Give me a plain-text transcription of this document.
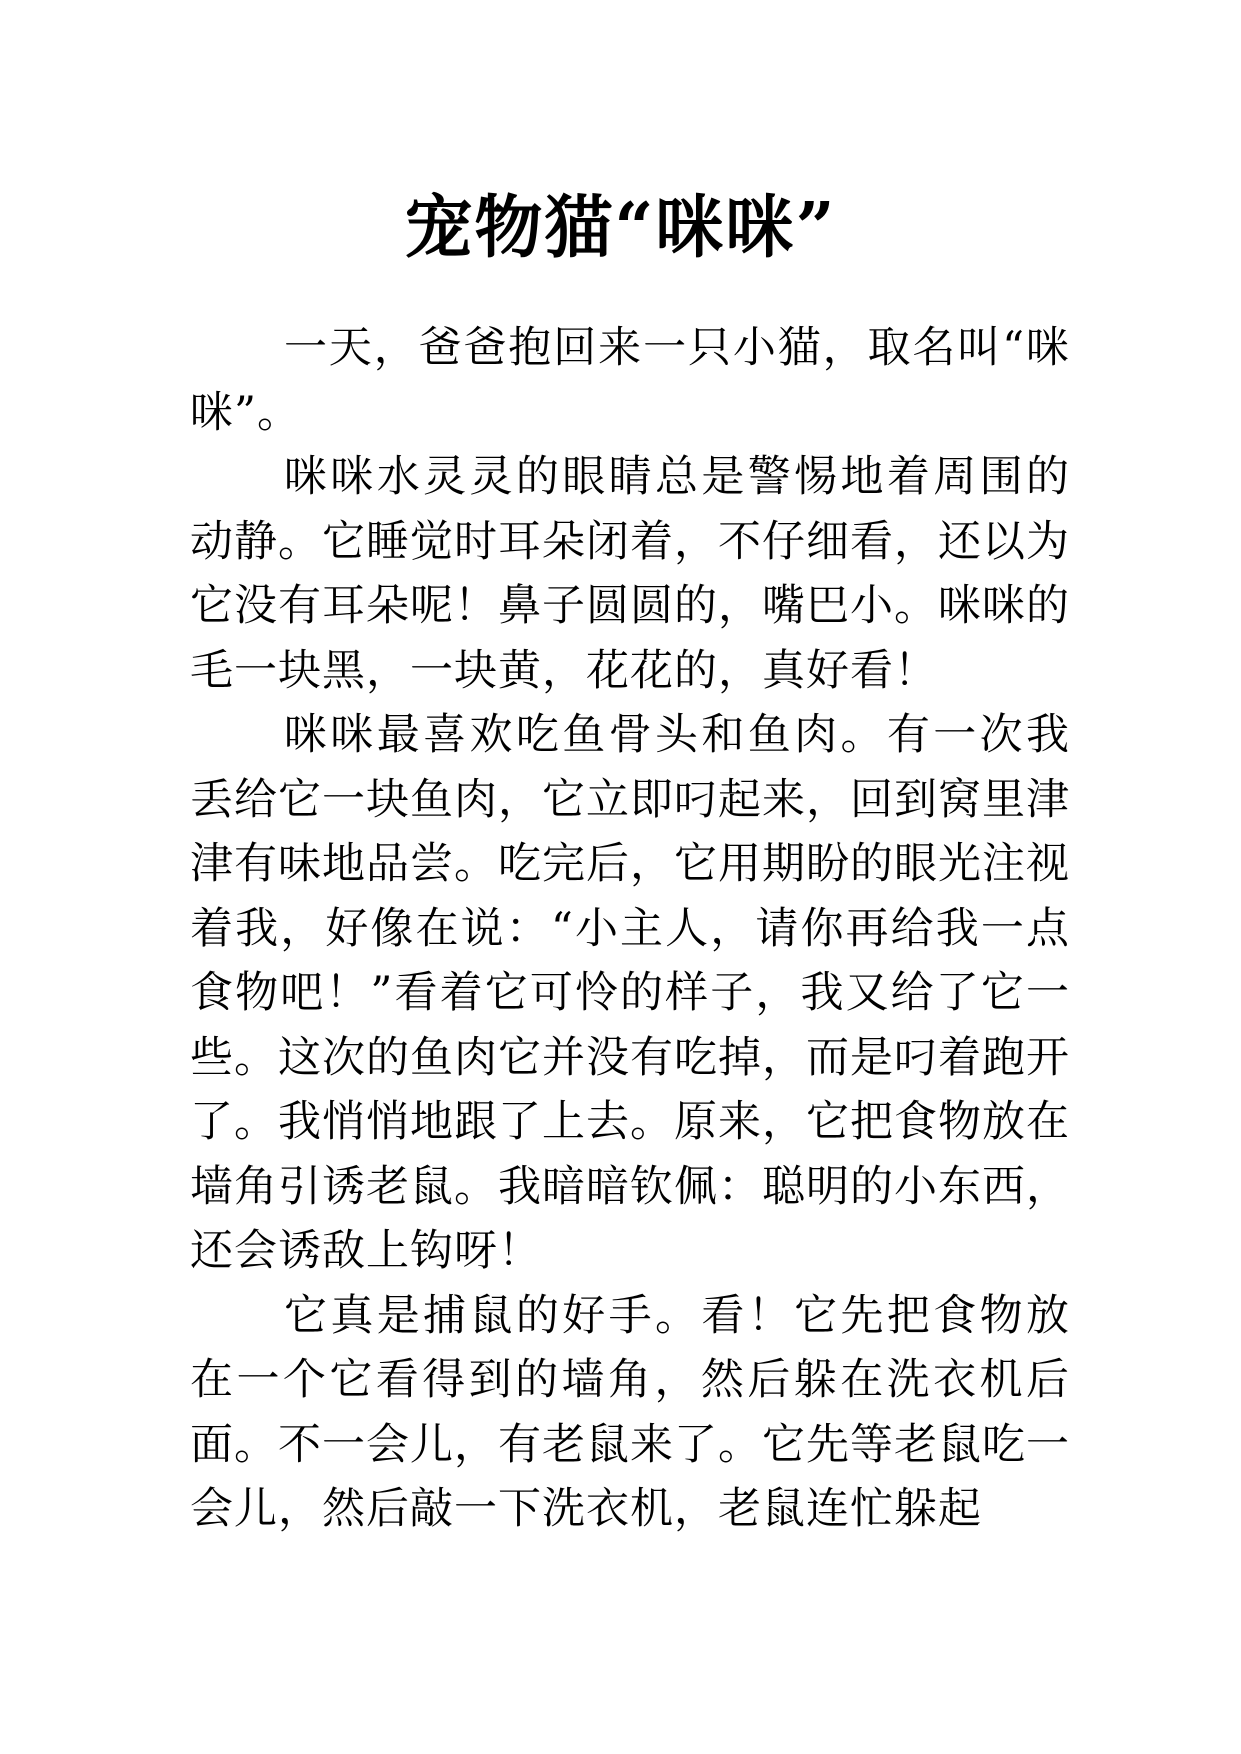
宠物猫“咪咪”

一天，爸爸抱回来一只小猫，取名叫“咪咪”。

咪咪水灵灵的眼睛总是警惕地着周围的动静。它睡觉时耳朵闭着，不仔细看，还以为它没有耳朵呢！鼻子圆圆的，嘴巴小。咪咪的毛一块黑，一块黄，花花的，真好看！

咪咪最喜欢吃鱼骨头和鱼肉。有一次我丢给它一块鱼肉，它立即叼起来，回到窝里津津有味地品尝。吃完后，它用期盼的眼光注视着我，好像在说：“小主人，请你再给我一点食物吧！”看着它可怜的样子，我又给了它一些。这次的鱼肉它并没有吃掉，而是叼着跑开了。我悄悄地跟了上去。原来，它把食物放在墙角引诱老鼠。我暗暗钦佩：聪明的小东西，还会诱敌上钩呀！

它真是捕鼠的好手。看！它先把食物放在一个它看得到的墙角，然后躲在洗衣机后面。不一会儿，有老鼠来了。它先等老鼠吃一会儿，然后敲一下洗衣机，老鼠连忙躲起
